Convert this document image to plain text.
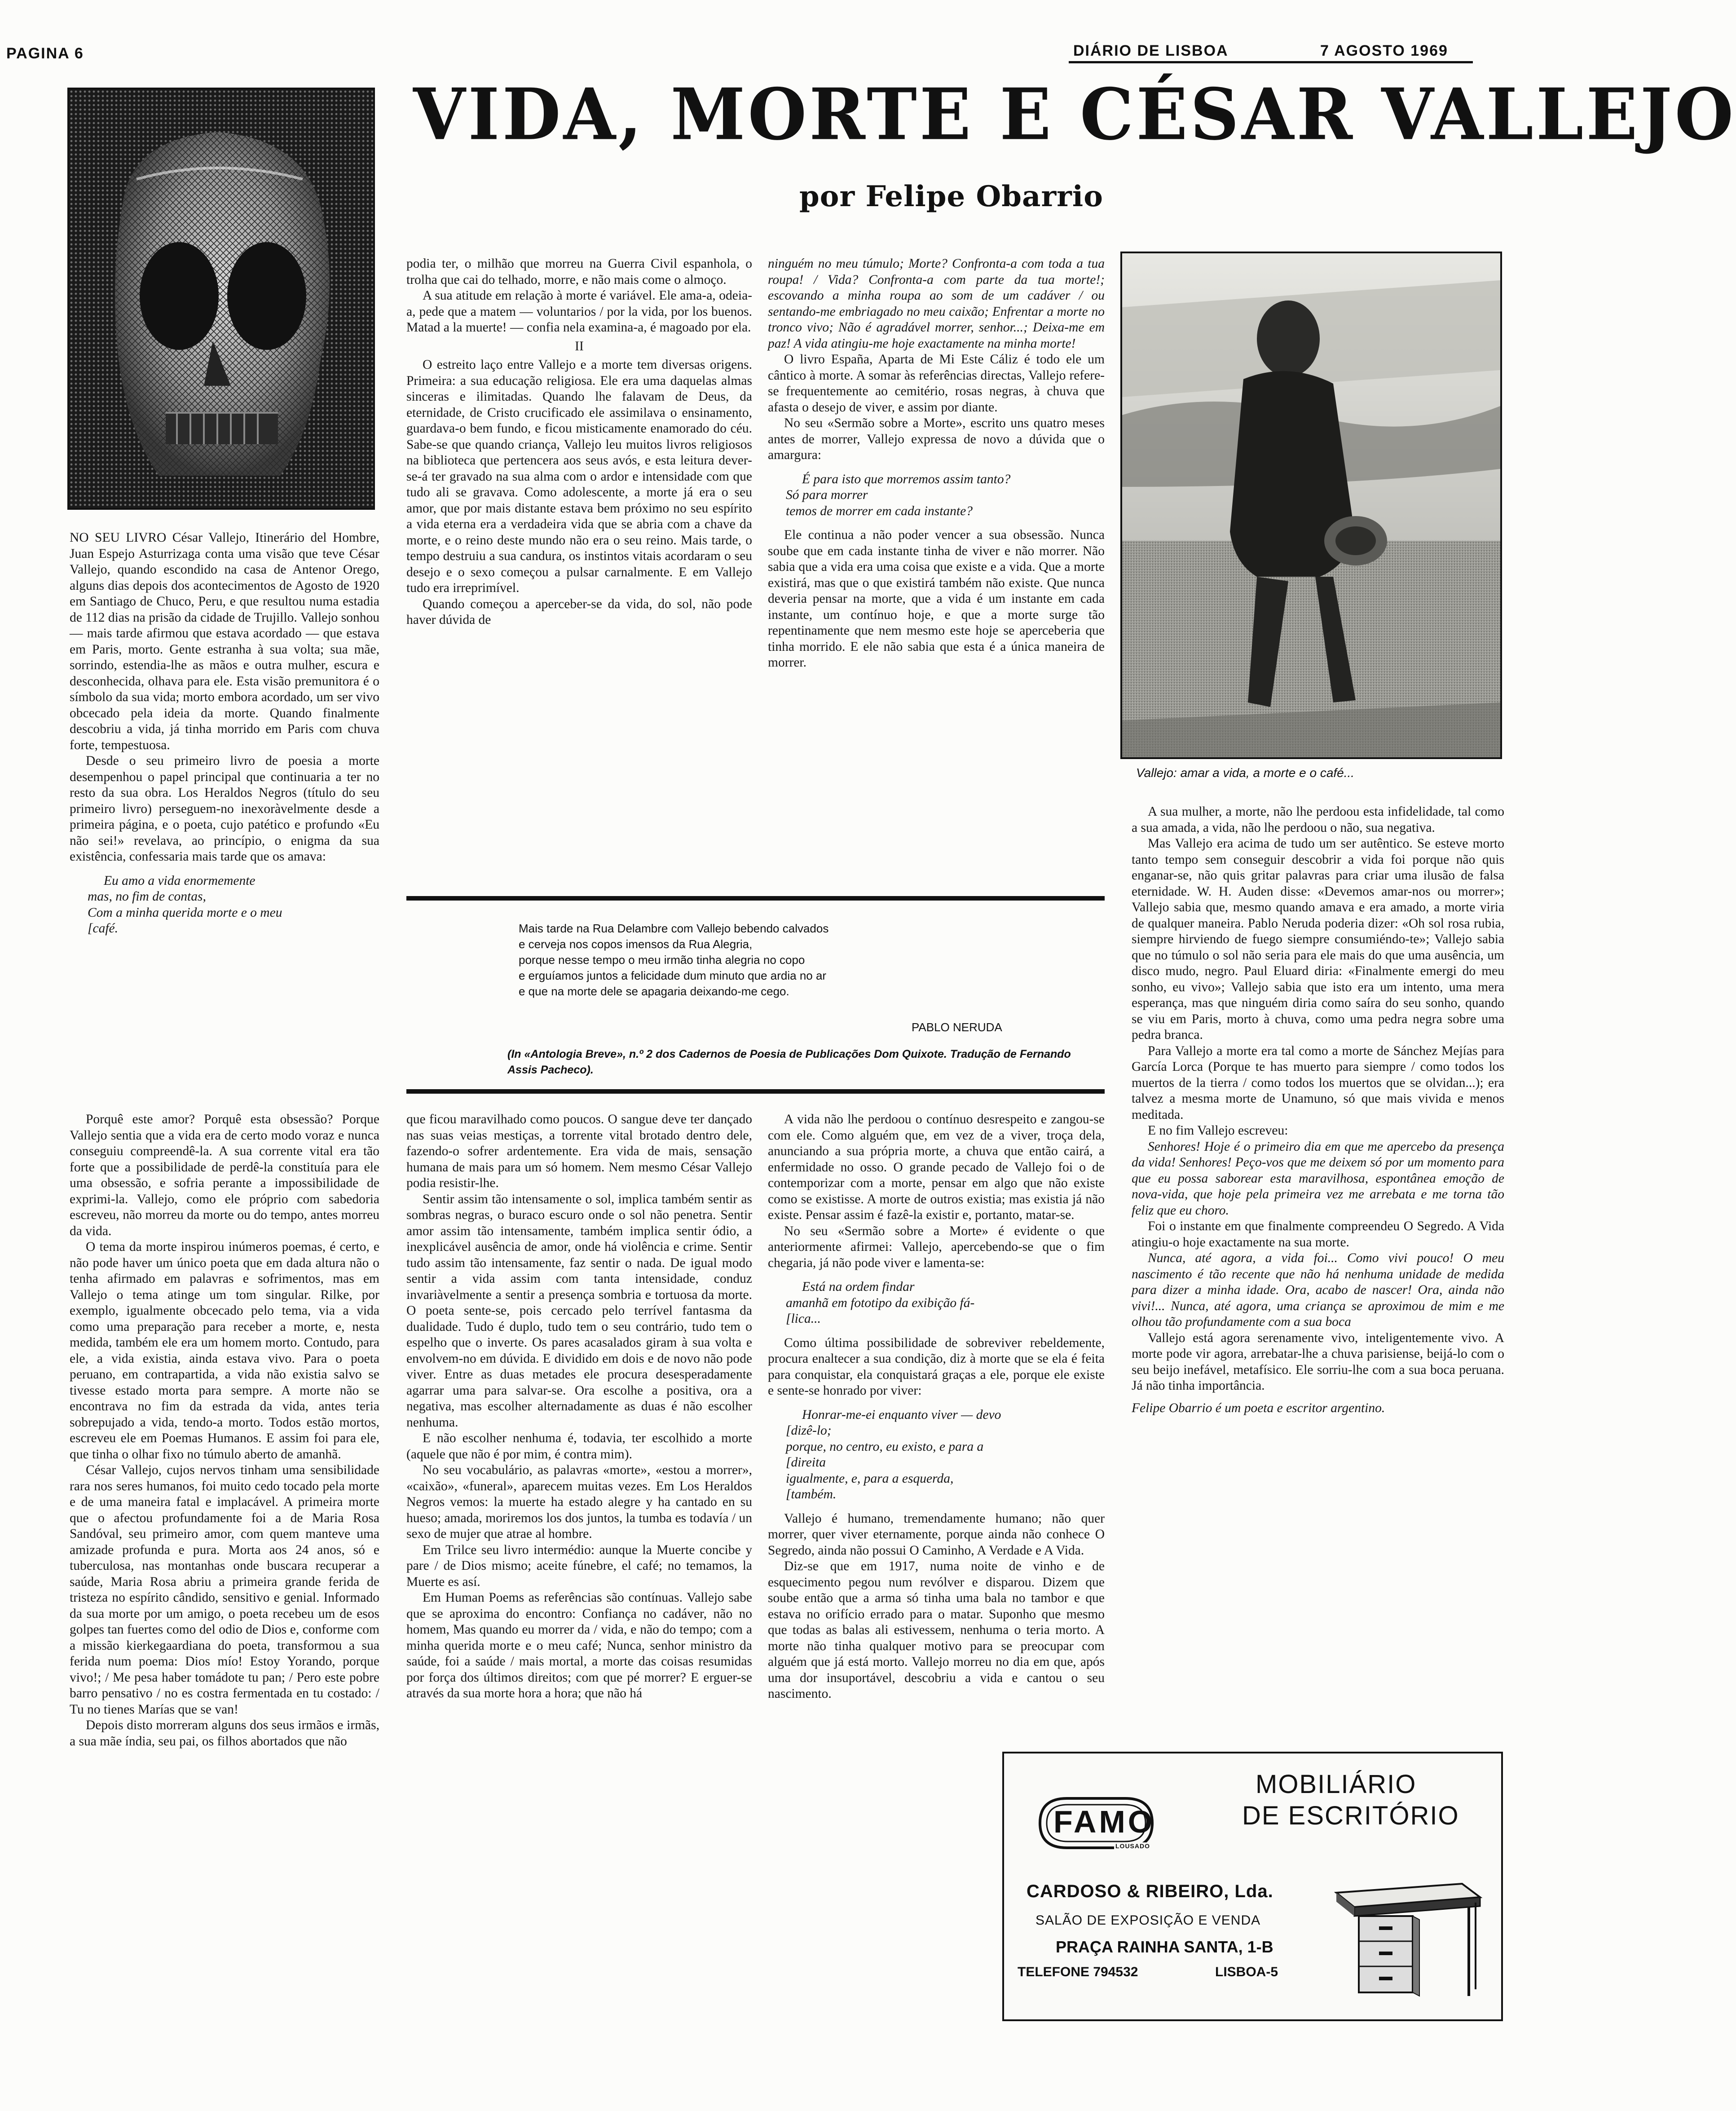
PAGINA 6	DIÁRIO DE LISBOA	7 AGOSTO 1969
VIDA, MORTE E CÉSAR VALLEJO
por Felipe Obarrio
Vallejo: amar a vida, a morte e o café...

NO SEU LIVRO César Vallejo, Itinerário del Hombre, Juan Espejo Asturrizaga conta uma visão que teve César Vallejo, quando escondido na casa de Antenor Orego, alguns dias depois dos acontecimentos de Agosto de 1920 em Santiago de Chuco, Peru, e que resultou numa estadia de 112 dias na prisão da cidade de Trujillo. Vallejo sonhou — mais tarde afirmou que estava acordado — que estava em Paris, morto. Gente estranha à sua volta; sua mãe, sorrindo, estendia-lhe as mãos e outra mulher, escura e desconhecida, olhava para ele. Esta visão premunitora é o símbolo da sua vida; morto embora acordado, um ser vivo obcecado pela ideia da morte. Quando finalmente descobriu a vida, já tinha morrido em Paris com chuva forte, tempestuosa.

Desde o seu primeiro livro de poesia a morte desempenhou o papel principal que continuaria a ter no resto da sua obra. Los Heraldos Negros (título do seu primeiro livro) perseguem-no inexoràvelmente desde a primeira página, e o poeta, cujo patético e profundo «Eu não sei!» revelava, ao princípio, o enigma da sua existência, confessaria mais tarde que os amava:

Eu amo a vida enormemente
mas, no fim de contas,
Com a minha querida morte e o meu
[café.

podia ter, o milhão que morreu na Guerra Civil espanhola, o trolha que cai do telhado, morre, e não mais come o almoço.

A sua atitude em relação à morte é variável. Ele ama-a, odeia-a, pede que a matem — voluntarios / por la vida, por los buenos. Matad a la muerte! — confia nela examina-a, é magoado por ela.

II

O estreito laço entre Vallejo e a morte tem diversas origens. Primeira: a sua educação religiosa. Ele era uma daquelas almas sinceras e ilimitadas. Quando lhe falavam de Deus, da eternidade, de Cristo crucificado ele assimilava o ensinamento, guardava-o bem fundo, e ficou misticamente enamorado do céu. Sabe-se que quando criança, Vallejo leu muitos livros religiosos na biblioteca que pertencera aos seus avós, e esta leitura dever-se-á ter gravado na sua alma com o ardor e intensidade com que tudo ali se gravava. Como adolescente, a morte já era o seu amor, que por mais distante estava bem próximo no seu espírito a vida eterna era a verdadeira vida que se abria com a chave da morte, e o reino deste mundo não era o seu reino. Mais tarde, o tempo destruiu a sua candura, os instintos vitais acordaram o seu desejo e o sexo começou a pulsar carnalmente. E em Vallejo tudo era irreprimível.

Quando começou a aperceber-se da vida, do sol, não pode haver dúvida de

ninguém no meu túmulo; Morte? Confronta-a com toda a tua roupa! / Vida? Confronta-a com parte da tua morte!; escovando a minha roupa ao som de um cadáver / ou sentando-me embriagado no meu caixão; Enfrentar a morte no tronco vivo; Não é agradável morrer, senhor...; Deixa-me em paz! A vida atingiu-me hoje exactamente na minha morte!

O livro España, Aparta de Mi Este Cáliz é todo ele um cântico à morte. A somar às referências directas, Vallejo refere-se frequentemente ao cemitério, rosas negras, à chuva que afasta o desejo de viver, e assim por diante.

No seu «Sermão sobre a Morte», escrito uns quatro meses antes de morrer, Vallejo expressa de novo a dúvida que o amargura:

É para isto que morremos assim tanto?
Só para morrer
temos de morrer em cada instante?

Ele continua a não poder vencer a sua obsessão. Nunca soube que em cada instante tinha de viver e não morrer. Não sabia que a vida era uma coisa que existe e a vida. Que a morte existirá, mas que o que existirá também não existe. Que nunca deveria pensar na morte, que a vida é um instante em cada instante, um contínuo hoje, e que a morte surge tão repentinamente que nem mesmo este hoje se aperceberia que tinha morrido. E ele não sabia que esta é a única maneira de morrer.

Mais tarde na Rua Delambre com Vallejo bebendo calvados
e cerveja nos copos imensos da Rua Alegria,
porque nesse tempo o meu irmão tinha alegria no copo
e erguíamos juntos a felicidade dum minuto que ardia no ar
e que na morte dele se apagaria deixando-me cego.
PABLO NERUDA
(In «Antologia Breve», n.º 2 dos Cadernos de Poesia de Publicações Dom Quixote. Tradução de Fernando Assis Pacheco).

Porquê este amor? Porquê esta obsessão? Porque Vallejo sentia que a vida era de certo modo voraz e nunca conseguiu compreendê-la. A sua corrente vital era tão forte que a possibilidade de perdê-la constituía para ele uma obsessão, e sofria perante a impossibilidade de exprimi-la. Vallejo, como ele próprio com sabedoria escreveu, não morreu da morte ou do tempo, antes morreu da vida.

O tema da morte inspirou inúmeros poemas, é certo, e não pode haver um único poeta que em dada altura não o tenha afirmado em palavras e sofrimentos, mas em Vallejo o tema atinge um tom singular. Rilke, por exemplo, igualmente obcecado pelo tema, via a vida como uma preparação para receber a morte, e, nesta medida, também ele era um homem morto. Contudo, para ele, a vida existia, ainda estava vivo. Para o poeta peruano, em contrapartida, a vida não existia salvo se tivesse estado morta para sempre. A morte não se encontrava no fim da estrada da vida, antes teria sobrepujado a vida, tendo-a morto. Todos estão mortos, escreveu ele em Poemas Humanos. E assim foi para ele, que tinha o olhar fixo no túmulo aberto de amanhã.

César Vallejo, cujos nervos tinham uma sensibilidade rara nos seres humanos, foi muito cedo tocado pela morte e de uma maneira fatal e implacável. A primeira morte que o afectou profundamente foi a de Maria Rosa Sandóval, seu primeiro amor, com quem manteve uma amizade profunda e pura. Morta aos 24 anos, só e tuberculosa, nas montanhas onde buscara recuperar a saúde, Maria Rosa abriu a primeira grande ferida de tristeza no espírito cândido, sensitivo e genial. Informado da sua morte por um amigo, o poeta recebeu um de esos golpes tan fuertes como del odio de Dios e, conforme com a missão kierkegaardiana do poeta, transformou a sua ferida num poema: Dios mío! Estoy Yorando, porque vivo!; / Me pesa haber tomádote tu pan; / Pero este pobre barro pensativo / no es costra fermentada en tu costado: / Tu no tienes Marías que se van!

Depois disto morreram alguns dos seus irmãos e irmãs, a sua mãe índia, seu pai, os filhos abortados que não

que ficou maravilhado como poucos. O sangue deve ter dançado nas suas veias mestiças, a torrente vital brotado dentro dele, fazendo-o sofrer ardentemente. Era vida de mais, sensação humana de mais para um só homem. Nem mesmo César Vallejo podia resistir-lhe.

Sentir assim tão intensamente o sol, implica também sentir as sombras negras, o buraco escuro onde o sol não penetra. Sentir amor assim tão intensamente, também implica sentir ódio, a inexplicável ausência de amor, onde há violência e crime. Sentir tudo assim tão intensamente, faz sentir o nada. De igual modo sentir a vida assim com tanta intensidade, conduz invariàvelmente a sentir a presença sombria e tortuosa da morte. O poeta sente-se, pois cercado pelo terrível fantasma da dualidade. Tudo é duplo, tudo tem o seu contrário, tudo tem o espelho que o inverte. Os pares acasalados giram à sua volta e envolvem-no em dúvida. E dividido em dois e de novo não pode viver. Entre as duas metades ele procura desesperadamente agarrar uma para salvar-se. Ora escolhe a positiva, ora a negativa, mas escolher alternadamente as duas é não escolher nenhuma.

E não escolher nenhuma é, todavia, ter escolhido a morte (aquele que não é por mim, é contra mim).

No seu vocabulário, as palavras «morte», «estou a morrer», «caixão», «funeral», aparecem muitas vezes. Em Los Heraldos Negros vemos: la muerte ha estado alegre y ha cantado en su hueso; amada, moriremos los dos juntos, la tumba es todavía / un sexo de mujer que atrae al hombre.

Em Trilce seu livro intermédio: aunque la Muerte concibe y pare / de Dios mismo; aceite fúnebre, el café; no temamos, la Muerte es así.

Em Human Poems as referências são contínuas. Vallejo sabe que se aproxima do encontro: Confiança no cadáver, não no homem, Mas quando eu morrer da / vida, e não do tempo; com a minha querida morte e o meu café; Nunca, senhor ministro da saúde, foi a saúde / mais mortal, a morte das coisas resumidas por força dos últimos direitos; com que pé morrer? E erguer-se através da sua morte hora a hora; que não há

A vida não lhe perdoou o contínuo desrespeito e zangou-se com ele. Como alguém que, em vez de a viver, troça dela, anunciando a sua própria morte, a chuva que então cairá, a enfermidade no osso. O grande pecado de Vallejo foi o de contemporizar com a morte, pensar em algo que não existe como se existisse. A morte de outros existia; mas existia já não existe. Pensar assim é fazê-la existir e, portanto, matar-se.

No seu «Sermão sobre a Morte» é evidente o que anteriormente afirmei: Vallejo, apercebendo-se que o fim chegaria, já não pode viver e lamenta-se:

Está na ordem findar
amanhã em fototipo da exibição fá-
[lica...

Como última possibilidade de sobreviver rebeldemente, procura enaltecer a sua condição, diz à morte que se ela é feita para conquistar, ela conquistará graças a ele, porque ele existe e sente-se honrado por viver:

Honrar-me-ei enquanto viver — devo
[dizê-lo;
porque, no centro, eu existo, e para a
[direita
igualmente, e, para a esquerda,
[também.

Vallejo é humano, tremendamente humano; não quer morrer, quer viver eternamente, porque ainda não conhece O Segredo, ainda não possui O Caminho, A Verdade e A Vida.

Diz-se que em 1917, numa noite de vinho e de esquecimento pegou num revólver e disparou. Dizem que soube então que a arma só tinha uma bala no tambor e que estava no orifício errado para o matar. Suponho que mesmo que todas as balas ali estivessem, nenhuma o teria morto. A morte não tinha qualquer motivo para se preocupar com alguém que já está morto. Vallejo morreu no dia em que, após uma dor insuportável, descobriu a vida e cantou o seu nascimento.

A sua mulher, a morte, não lhe perdoou esta infidelidade, tal como a sua amada, a vida, não lhe perdoou o não, sua negativa.

Mas Vallejo era acima de tudo um ser autêntico. Se esteve morto tanto tempo sem conseguir descobrir a vida foi porque não quis enganar-se, não quis gritar palavras para criar uma ilusão de falsa eternidade. W. H. Auden disse: «Devemos amar-nos ou morrer»; Vallejo sabia que, mesmo quando amava e era amado, a morte viria de qualquer maneira. Pablo Neruda poderia dizer: «Oh sol rosa rubia, siempre hirviendo de fuego siempre consumiéndo-te»; Vallejo sabia que no túmulo o sol não seria para ele mais do que uma ausência, um disco mudo, negro. Paul Eluard diria: «Finalmente emergi do meu sonho, eu vivo»; Vallejo sabia que isto era um intento, uma mera esperança, mas que ninguém diria como saíra do seu sonho, quando se viu em Paris, morto à chuva, como uma pedra negra sobre uma pedra branca.

Para Vallejo a morte era tal como a morte de Sánchez Mejías para García Lorca (Porque te has muerto para siempre / como todos los muertos de la tierra / como todos los muertos que se olvidan...); era talvez a mesma morte de Unamuno, só que mais vivida e menos meditada.

E no fim Vallejo escreveu:

Senhores! Hoje é o primeiro dia em que me apercebo da presença da vida! Senhores! Peço-vos que me deixem só por um momento para que eu possa saborear esta maravilhosa, espontânea emoção de nova-vida, que hoje pela primeira vez me arrebata e me torna tão feliz que eu choro.

Foi o instante em que finalmente compreendeu O Segredo. A Vida atingiu-o hoje exactamente na sua morte.

Nunca, até agora, a vida foi... Como vivi pouco! O meu nascimento é tão recente que não há nenhuma unidade de medida para dizer a minha idade. Ora, acabo de nascer! Ora, ainda não vivi!... Nunca, até agora, uma criança se aproximou de mim e me olhou tão profundamente com a sua boca

Vallejo está agora serenamente vivo, inteligentemente vivo. A morte pode vir agora, arrebatar-lhe a chuva parisiense, beijá-lo com o seu beijo inefável, metafísico. Ele sorriu-lhe com a sua boca peruana. Já não tinha importância.

Felipe Obarrio é um poeta e escritor argentino.

FAMO
LOUSADO
MOBILIÁRIO
DE ESCRITÓRIO
CARDOSO & RIBEIRO, Lda.
SALÃO DE EXPOSIÇÃO E VENDA
PRAÇA RAINHA SANTA, 1-B
TELEFONE 794532	LISBOA-5
